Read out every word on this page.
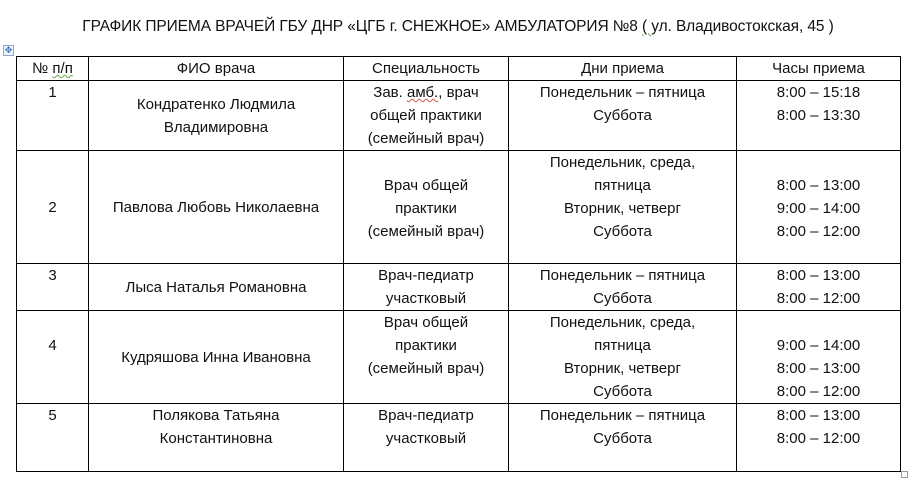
ГРАФИК ПРИЕМА ВРАЧЕЙ ГБУ ДНР «ЦГБ г. СНЕЖНОЕ» АМБУЛАТОРИЯ №8 ( ул. Владивостокская, 45 )
✥
№ п/п	ФИО врача	Специальность	Дни приема	Часы приема

1	Кондратенко Людмила
Владимировна	Зав. амб., врач
общей практики
(семейный врач)	Понедельник – пятница
Суббота	8:00 – 15:18
8:00 – 13:30

2	Павлова Любовь Николаевна	Врач общей
практики
(семейный врач)	Понедельник, среда,
пятница
Вторник, четверг
Суббота	8:00 – 13:00
9:00 – 14:00
8:00 – 12:00

3	Лыса Наталья Романовна	Врач-педиатр
участковый	Понедельник – пятница
Суббота	8:00 – 13:00
8:00 – 12:00

4	Кудряшова Инна Ивановна	Врач общей
практики
(семейный врач)	Понедельник, среда,
пятница
Вторник, четверг
Суббота	9:00 – 14:00
8:00 – 13:00
8:00 – 12:00

5	Полякова Татьяна
Константиновна	Врач-педиатр
участковый	Понедельник – пятница
Суббота	8:00 – 13:00
8:00 – 12:00
